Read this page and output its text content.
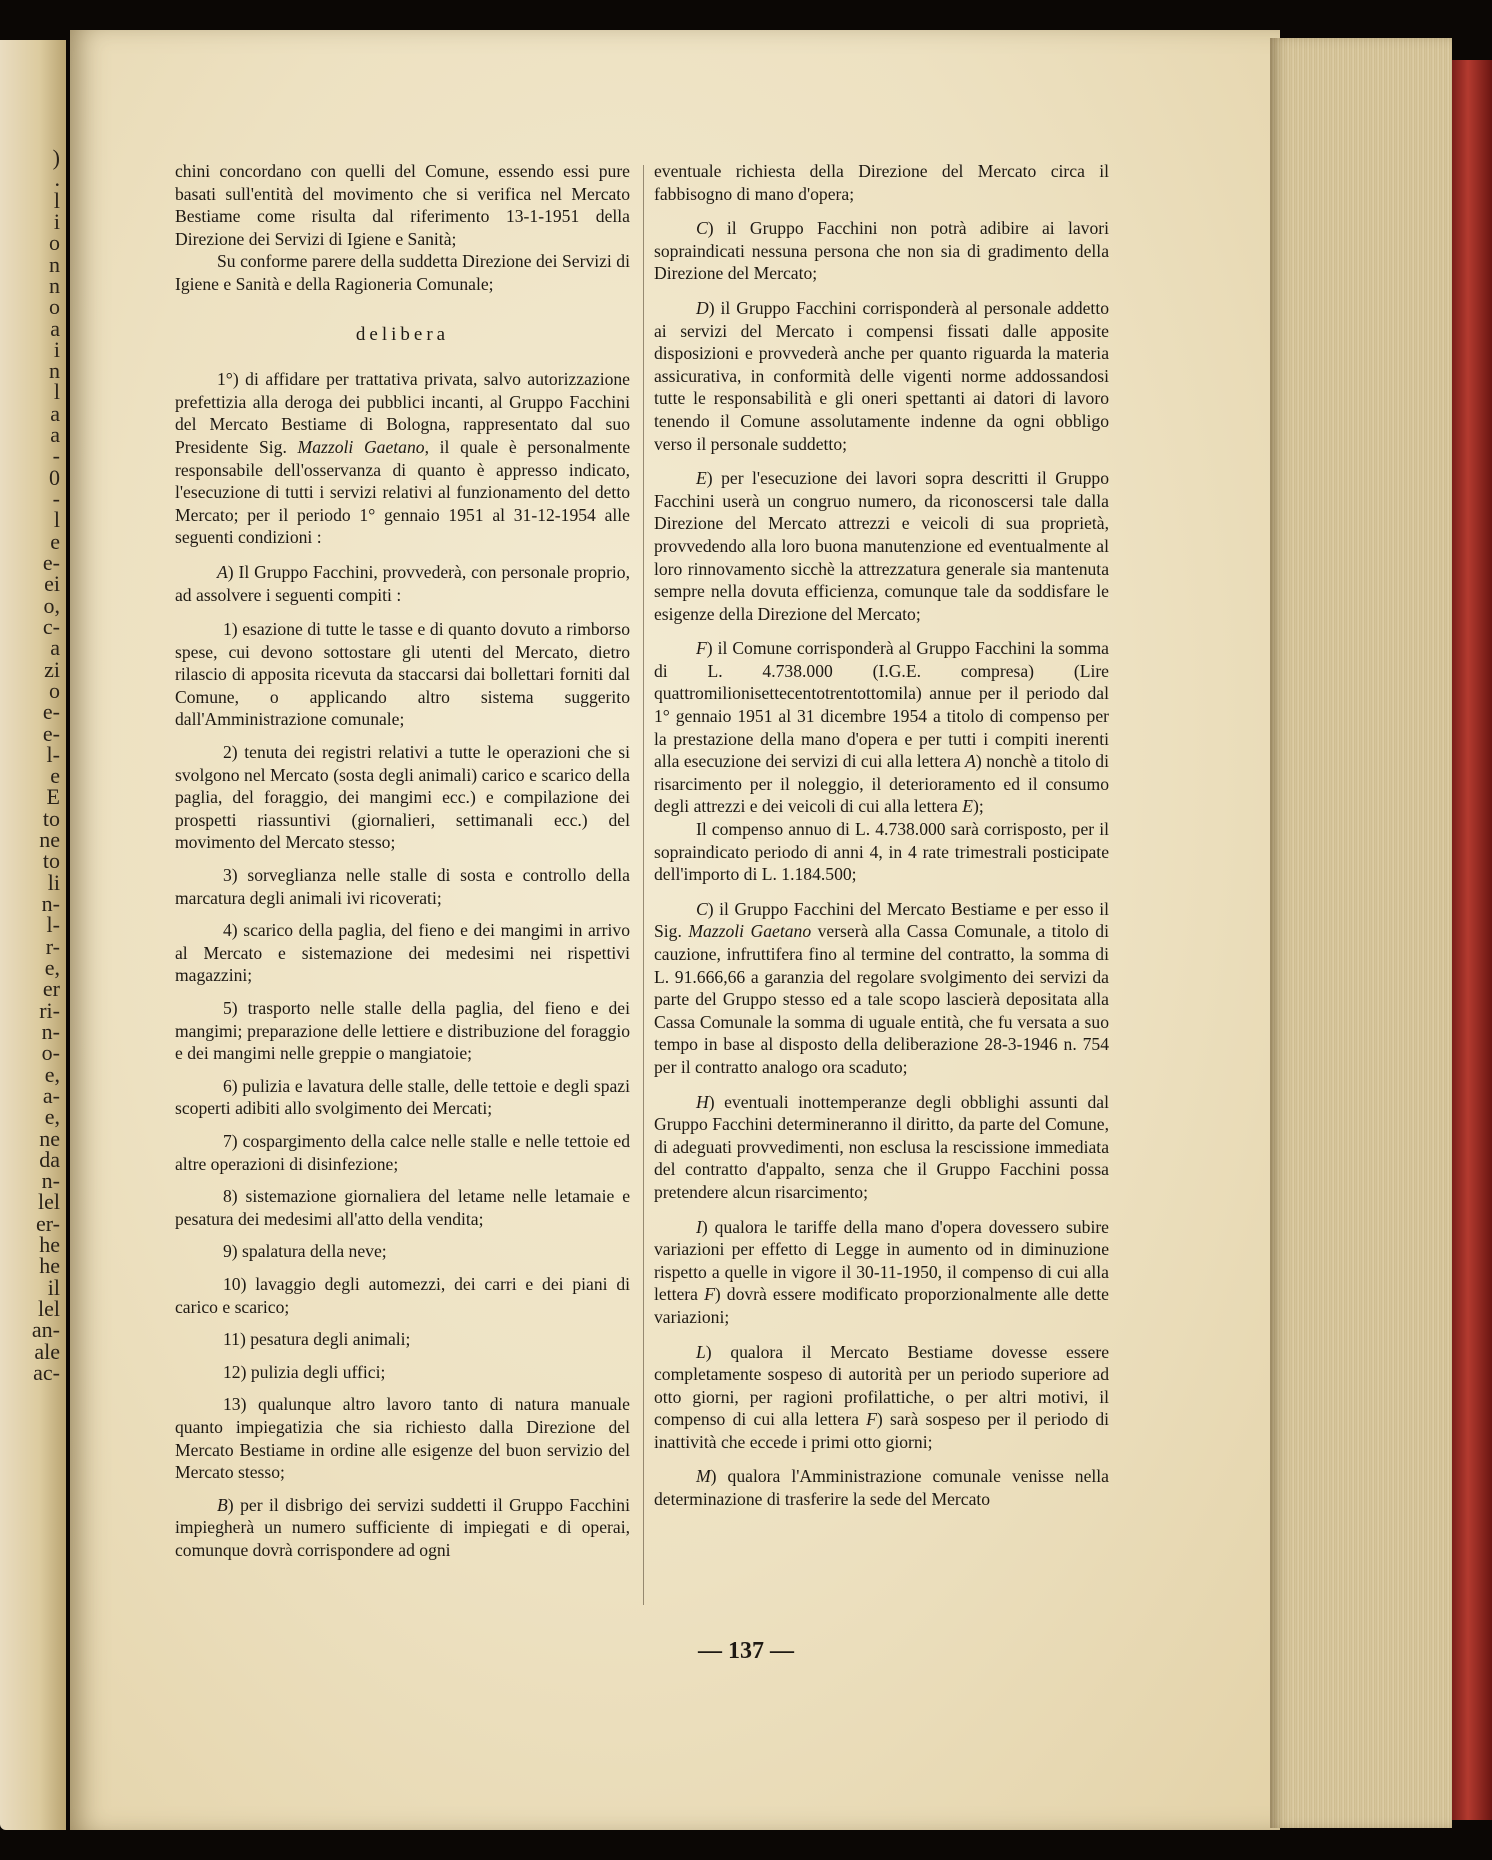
)
.
l
i
o
n
n
o
a
i
n
l
a
a
-
0
-
l
e
e-
ei
o,
c-
a
zi
o
e-
e-
l-
e
E
to
ne
to
li
n-
l-
r-
e,
er
ri-
n-
o-
e,
a-
e,
ne
da
n-
lel
er-
he
he
il
lel
an-
ale
ac-

chini concordano con quelli del Comune, essendo essi pure basati sull'entità del movimento che si verifica nel Mercato Bestiame come risulta dal riferimento 13-1-1951 della Direzione dei Servizi di Igiene e Sanità;

Su conforme parere della suddetta Direzione dei Servizi di Igiene e Sanità e della Ragioneria Comunale;

delibera

1°) di affidare per trattativa privata, salvo autorizzazione prefettizia alla deroga dei pubblici incanti, al Gruppo Facchini del Mercato Bestiame di Bologna, rappresentato dal suo Presidente Sig. Mazzoli Gaetano, il quale è personalmente responsabile dell'osservanza di quanto è appresso indicato, l'esecuzione di tutti i servizi relativi al funzionamento del detto Mercato; per il periodo 1° gennaio 1951 al 31-12-1954 alle seguenti condizioni :

A) Il Gruppo Facchini, provvederà, con personale proprio, ad assolvere i seguenti compiti :

1) esazione di tutte le tasse e di quanto dovuto a rimborso spese, cui devono sottostare gli utenti del Mercato, dietro rilascio di apposita ricevuta da staccarsi dai bollettari forniti dal Comune, o applicando altro sistema suggerito dall'Amministrazione comunale;

2) tenuta dei registri relativi a tutte le operazioni che si svolgono nel Mercato (sosta degli animali) carico e scarico della paglia, del foraggio, dei mangimi ecc.) e compilazione dei prospetti riassuntivi (giornalieri, settimanali ecc.) del movimento del Mercato stesso;

3) sorveglianza nelle stalle di sosta e controllo della marcatura degli animali ivi ricoverati;

4) scarico della paglia, del fieno e dei mangimi in arrivo al Mercato e sistemazione dei medesimi nei rispettivi magazzini;

5) trasporto nelle stalle della paglia, del fieno e dei mangimi; preparazione delle lettiere e distribuzione del foraggio e dei mangimi nelle greppie o mangiatoie;

6) pulizia e lavatura delle stalle, delle tettoie e degli spazi scoperti adibiti allo svolgimento dei Mercati;

7) cospargimento della calce nelle stalle e nelle tettoie ed altre operazioni di disinfezione;

8) sistemazione giornaliera del letame nelle letamaie e pesatura dei medesimi all'atto della vendita;

9) spalatura della neve;

10) lavaggio degli automezzi, dei carri e dei piani di carico e scarico;

11) pesatura degli animali;

12) pulizia degli uffici;

13) qualunque altro lavoro tanto di natura manuale quanto impiegatizia che sia richiesto dalla Direzione del Mercato Bestiame in ordine alle esigenze del buon servizio del Mercato stesso;

B) per il disbrigo dei servizi suddetti il Gruppo Facchini impiegherà un numero sufficiente di impiegati e di operai, comunque dovrà corrispondere ad ogni

eventuale richiesta della Direzione del Mercato circa il fabbisogno di mano d'opera;

C) il Gruppo Facchini non potrà adibire ai lavori sopraindicati nessuna persona che non sia di gradimento della Direzione del Mercato;

D) il Gruppo Facchini corrisponderà al personale addetto ai servizi del Mercato i compensi fissati dalle apposite disposizioni e provvederà anche per quanto riguarda la materia assicurativa, in conformità delle vigenti norme addossandosi tutte le responsabilità e gli oneri spettanti ai datori di lavoro tenendo il Comune assolutamente indenne da ogni obbligo verso il personale suddetto;

E) per l'esecuzione dei lavori sopra descritti il Gruppo Facchini userà un congruo numero, da riconoscersi tale dalla Direzione del Mercato attrezzi e veicoli di sua proprietà, provvedendo alla loro buona manutenzione ed eventualmente al loro rinnovamento sicchè la attrezzatura generale sia mantenuta sempre nella dovuta efficienza, comunque tale da soddisfare le esigenze della Direzione del Mercato;

F) il Comune corrisponderà al Gruppo Facchini la somma di L. 4.738.000 (I.G.E. compresa) (Lire quattromilionisettecentotrentottomila) annue per il periodo dal 1° gennaio 1951 al 31 dicembre 1954 a titolo di compenso per la prestazione della mano d'opera e per tutti i compiti inerenti alla esecuzione dei servizi di cui alla lettera A) nonchè a titolo di risarcimento per il noleggio, il deterioramento ed il consumo degli attrezzi e dei veicoli di cui alla lettera E);

Il compenso annuo di L. 4.738.000 sarà corrisposto, per il sopraindicato periodo di anni 4, in 4 rate trimestrali posticipate dell'importo di L. 1.184.500;

C) il Gruppo Facchini del Mercato Bestiame e per esso il Sig. Mazzoli Gaetano verserà alla Cassa Comunale, a titolo di cauzione, infruttifera fino al termine del contratto, la somma di L. 91.666,66 a garanzia del regolare svolgimento dei servizi da parte del Gruppo stesso ed a tale scopo lascierà depositata alla Cassa Comunale la somma di uguale entità, che fu versata a suo tempo in base al disposto della deliberazione 28-3-1946 n. 754 per il contratto analogo ora scaduto;

H) eventuali inottemperanze degli obblighi assunti dal Gruppo Facchini determineranno il diritto, da parte del Comune, di adeguati provvedimenti, non esclusa la rescissione immediata del contratto d'appalto, senza che il Gruppo Facchini possa pretendere alcun risarcimento;

I) qualora le tariffe della mano d'opera dovessero subire variazioni per effetto di Legge in aumento od in diminuzione rispetto a quelle in vigore il 30-11-1950, il compenso di cui alla lettera F) dovrà essere modificato proporzionalmente alle dette variazioni;

L) qualora il Mercato Bestiame dovesse essere completamente sospeso di autorità per un periodo superiore ad otto giorni, per ragioni profilattiche, o per altri motivi, il compenso di cui alla lettera F) sarà sospeso per il periodo di inattività che eccede i primi otto giorni;

M) qualora l'Amministrazione comunale venisse nella determinazione di trasferire la sede del Mercato

— 137 —
